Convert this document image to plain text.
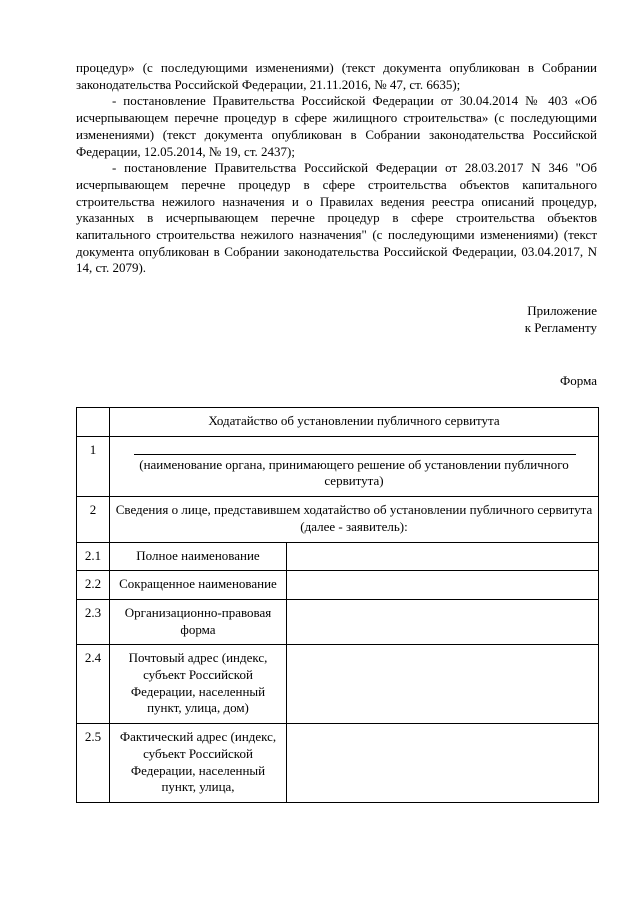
процедур» (с последующими изменениями) (текст документа опубликован в Собрании законодательства Российской Федерации, 21.11.2016, № 47, ст. 6635);

- постановление Правительства Российской Федерации от 30.04.2014 № 403 «Об исчерпывающем перечне процедур в сфере жилищного строительства» (с последующими изменениями) (текст документа опубликован в Собрании законодательства Российской Федерации, 12.05.2014, № 19, ст. 2437);

- постановление Правительства Российской Федерации от 28.03.2017 N 346 "Об исчерпывающем перечне процедур в сфере строительства объектов капитального строительства нежилого назначения и о Правилах ведения реестра описаний процедур, указанных в исчерпывающем перечне процедур в сфере строительства объектов капитального строительства нежилого назначения" (с последующими изменениями) (текст документа опубликован в Собрании законодательства Российской Федерации, 03.04.2017, N 14, ст. 2079).

Приложение
к Регламенту
Форма
	Ходатайство об установлении публичного сервитута	
1	(наименование органа, принимающего решение об установлении публичного сервитута)	
2	Сведения о лице, представившем ходатайство об установлении публичного сервитута (далее - заявитель):	
2.1	Полное наименование	
2.2	Сокращенное наименование	
2.3	Организационно-правовая форма	
2.4	Почтовый адрес (индекс, субъект Российской Федерации, населенный пункт, улица, дом)	
2.5	Фактический адрес (индекс, субъект Российской Федерации, населенный пункт, улица,	
